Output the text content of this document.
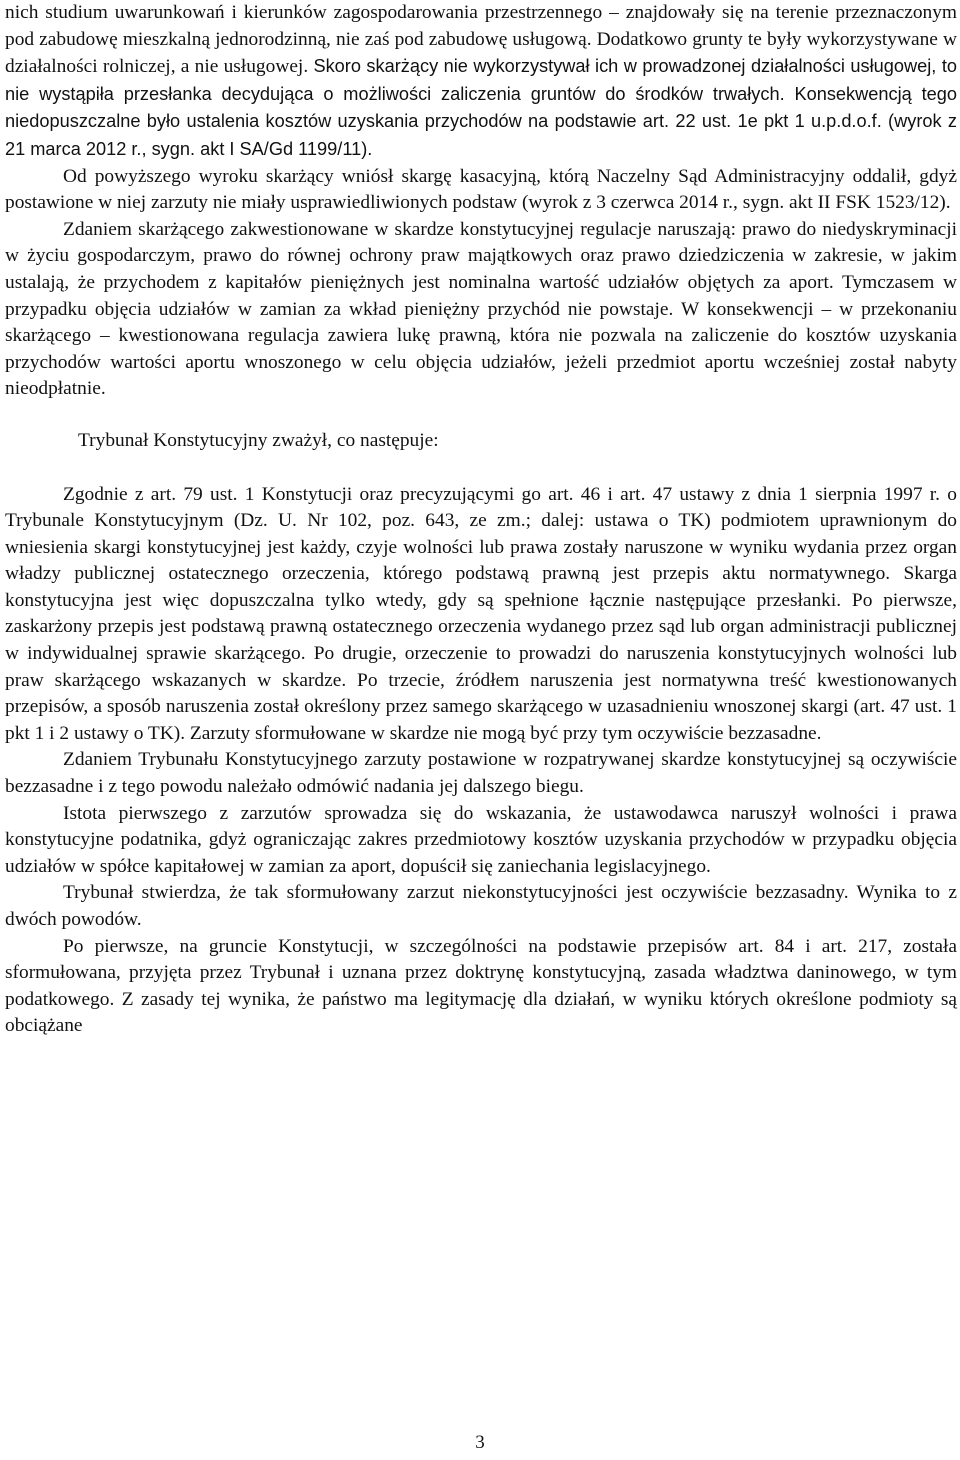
nich studium uwarunkowań i kierunków zagospodarowania przestrzennego – znajdowały się na terenie przeznaczonym pod zabudowę mieszkalną jednorodzinną, nie zaś pod zabudowę usługową. Dodatkowo grunty te były wykorzystywane w działalności rolniczej, a nie usługowej. Skoro skarżący nie wykorzystywał ich w prowadzonej działalności usługowej, to nie wystąpiła przesłanka decydująca o możliwości zaliczenia gruntów do środków trwałych. Konsekwencją tego niedopuszczalne było ustalenia kosztów uzyskania przychodów na podstawie art. 22 ust. 1e pkt 1 u.p.d.o.f. (wyrok z 21 marca 2012 r., sygn. akt I SA/Gd 1199/11).

Od powyższego wyroku skarżący wniósł skargę kasacyjną, którą Naczelny Sąd Administracyjny oddalił, gdyż postawione w niej zarzuty nie miały usprawiedliwionych podstaw (wyrok z 3 czerwca 2014 r., sygn. akt II FSK 1523/12).

Zdaniem skarżącego zakwestionowane w skardze konstytucyjnej regulacje naruszają: prawo do niedyskryminacji w życiu gospodarczym, prawo do równej ochrony praw majątkowych oraz prawo dziedziczenia w zakresie, w jakim ustalają, że przychodem z kapitałów pieniężnych jest nominalna wartość udziałów objętych za aport. Tymczasem w przypadku objęcia udziałów w zamian za wkład pieniężny przychód nie powstaje. W konsekwencji – w przekonaniu skarżącego – kwestionowana regulacja zawiera lukę prawną, która nie pozwala na zaliczenie do kosztów uzyskania przychodów wartości aportu wnoszonego w celu objęcia udziałów, jeżeli przedmiot aportu wcześniej został nabyty nieodpłatnie.

Trybunał Konstytucyjny zważył, co następuje:

Zgodnie z art. 79 ust. 1 Konstytucji oraz precyzującymi go art. 46 i art. 47 ustawy z dnia 1 sierpnia 1997 r. o Trybunale Konstytucyjnym (Dz. U. Nr 102, poz. 643, ze zm.; dalej: ustawa o TK) podmiotem uprawnionym do wniesienia skargi konstytucyjnej jest każdy, czyje wolności lub prawa zostały naruszone w wyniku wydania przez organ władzy publicznej ostatecznego orzeczenia, którego podstawą prawną jest przepis aktu normatywnego. Skarga konstytucyjna jest więc dopuszczalna tylko wtedy, gdy są spełnione łącznie następujące przesłanki. Po pierwsze, zaskarżony przepis jest podstawą prawną ostatecznego orzeczenia wydanego przez sąd lub organ administracji publicznej w indywidualnej sprawie skarżącego. Po drugie, orzeczenie to prowadzi do naruszenia konstytucyjnych wolności lub praw skarżącego wskazanych w skardze. Po trzecie, źródłem naruszenia jest normatywna treść kwestionowanych przepisów, a sposób naruszenia został określony przez samego skarżącego w uzasadnieniu wnoszonej skargi (art. 47 ust. 1 pkt 1 i 2 ustawy o TK). Zarzuty sformułowane w skardze nie mogą być przy tym oczywiście bezzasadne.

Zdaniem Trybunału Konstytucyjnego zarzuty postawione w rozpatrywanej skardze konstytucyjnej są oczywiście bezzasadne i z tego powodu należało odmówić nadania jej dalszego biegu.

Istota pierwszego z zarzutów sprowadza się do wskazania, że ustawodawca naruszył wolności i prawa konstytucyjne podatnika, gdyż ograniczając zakres przedmiotowy kosztów uzyskania przychodów w przypadku objęcia udziałów w spółce kapitałowej w zamian za aport, dopuścił się zaniechania legislacyjnego.

Trybunał stwierdza, że tak sformułowany zarzut niekonstytucyjności jest oczywiście bezzasadny. Wynika to z dwóch powodów.

Po pierwsze, na gruncie Konstytucji, w szczególności na podstawie przepisów art. 84 i art. 217, została sformułowana, przyjęta przez Trybunał i uznana przez doktrynę konstytucyjną, zasada władztwa daninowego, w tym podatkowego. Z zasady tej wynika, że państwo ma legitymację dla działań, w wyniku których określone podmioty są obciążane

3
